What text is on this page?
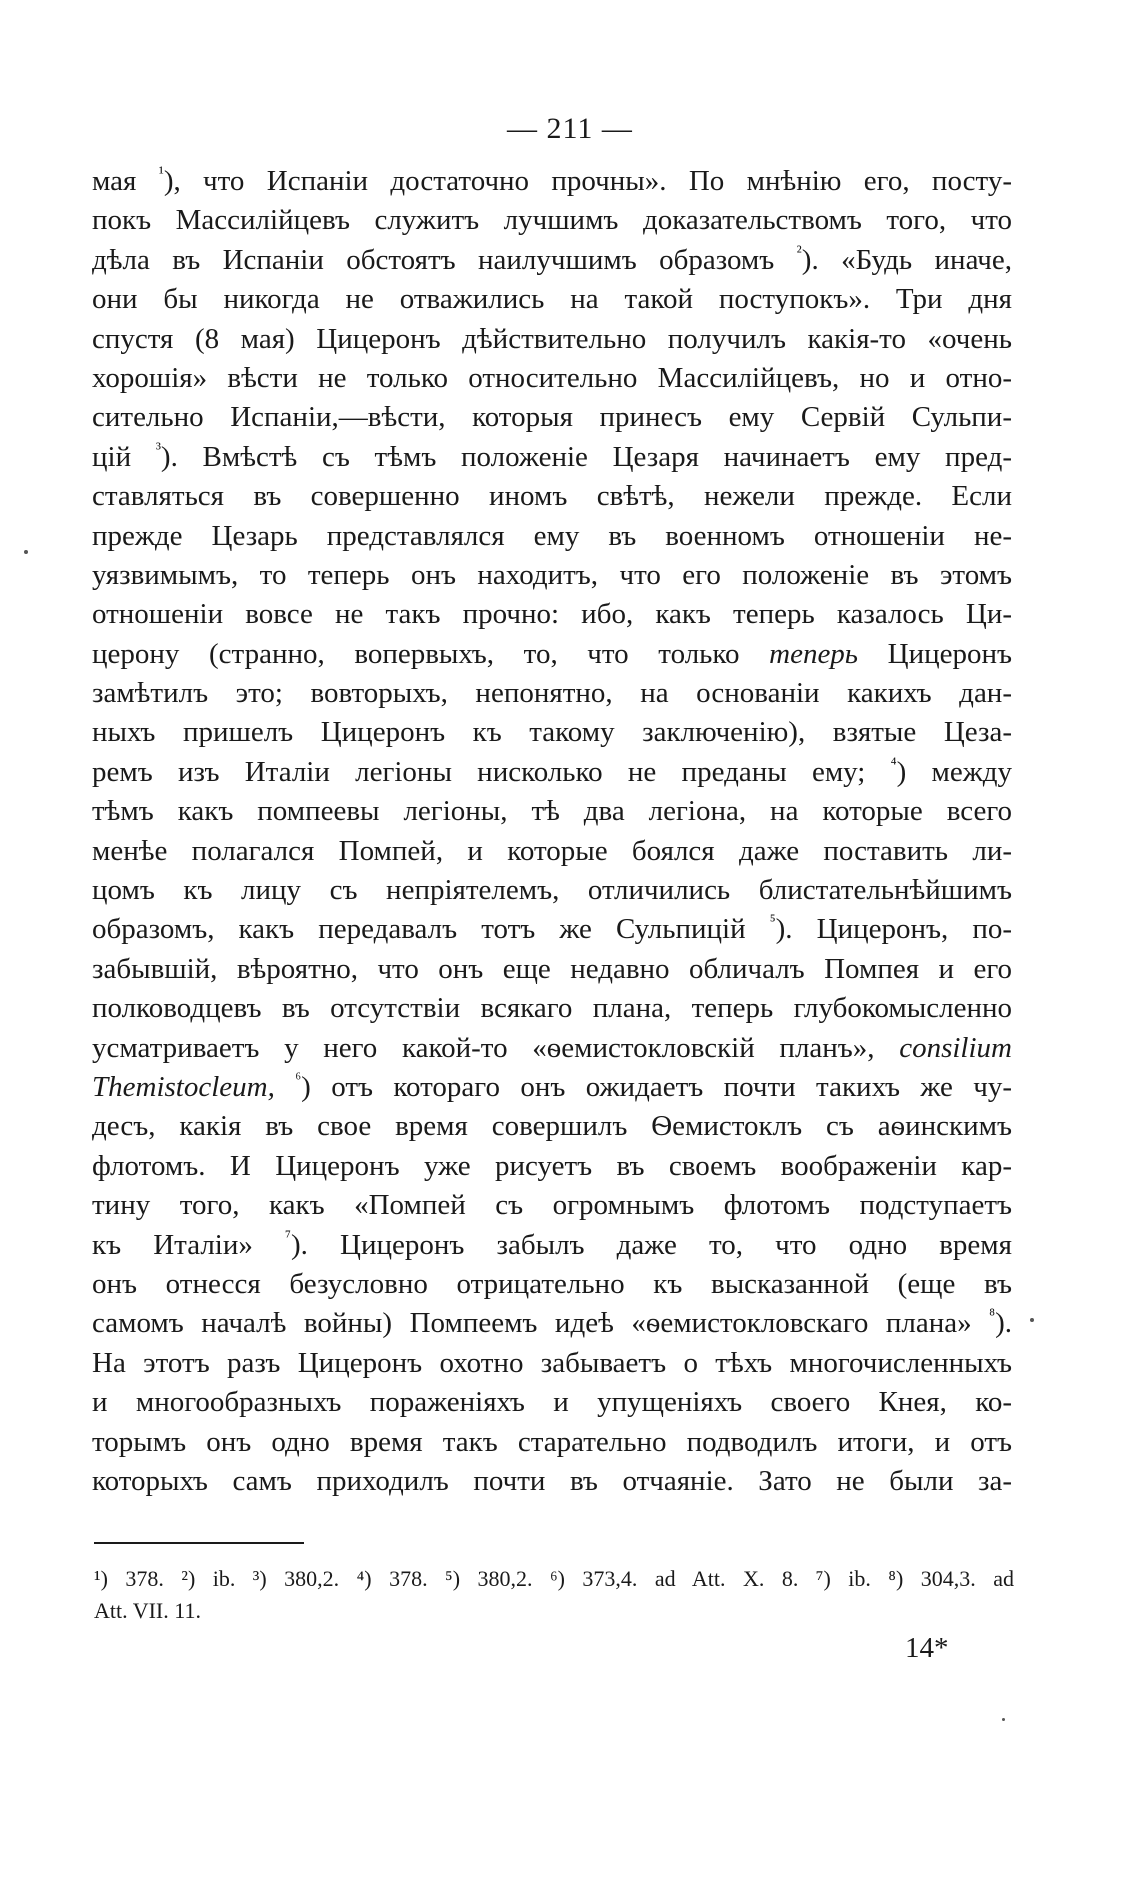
— 211 —
мая $^{^1}$), что Испаніи достаточно прочны». По мнѣнію его, посту-
покъ Массилійцевъ служитъ лучшимъ доказательствомъ того, что
дѣла въ Испаніи обстоятъ наилучшимъ образомъ $^{^2}$). «Будь иначе,
они бы никогда не отважились на такой поступокъ». Три дня
спустя (8 мая) Цицеронъ дѣйствительно получилъ какія-то «очень
хорошія» вѣсти не только относительно Массилійцевъ, но и отно-
сительно Испаніи,—вѣсти, которыя принесъ ему Сервій Сульпи-
цій $^{^3}$). Вмѣстѣ съ тѣмъ положеніе Цезаря начинаетъ ему пред-
ставляться въ совершенно иномъ свѣтѣ, нежели прежде. Если
прежде Цезарь представлялся ему въ военномъ отношеніи не-
уязвимымъ, то теперь онъ находитъ, что его положеніе въ этомъ
отношеніи вовсе не такъ прочно: ибо, какъ теперь казалось Ци-
церону (странно, вопервыхъ, то, что только теперь Цицеронъ
замѣтилъ это; вовторыхъ, непонятно, на основаніи какихъ дан-
ныхъ пришелъ Цицеронъ къ такому заключенію), взятые Цеза-
ремъ изъ Италіи легіоны нисколько не преданы ему; $^{^4}$) между
тѣмъ какъ помпеевы легіоны, тѣ два легіона, на которые всего
менѣе полагался Помпей, и которые боялся даже поставить ли-
цомъ къ лицу съ непріятелемъ, отличились блистательнѣйшимъ
образомъ, какъ передавалъ тотъ же Сульпицій $^{^5}$). Цицеронъ, по-
забывшій, вѣроятно, что онъ еще недавно обличалъ Помпея и его
полководцевъ въ отсутствіи всякаго плана, теперь глубокомысленно
усматриваетъ у него какой-то «ѳемистокловскій планъ», consilium
Themistocleum, $^{^6}$) отъ котораго онъ ожидаетъ почти такихъ же чу-
десъ, какія въ свое время совершилъ Ѳемистоклъ съ аѳинскимъ
флотомъ. И Цицеронъ уже рисуетъ въ своемъ воображеніи кар-
тину того, какъ «Помпей съ огромнымъ флотомъ подступаетъ
къ Италіи» $^{^7}$). Цицеронъ забылъ даже то, что одно время
онъ отнесся безусловно отрицательно къ высказанной (еще въ
самомъ началѣ войны) Помпеемъ идеѣ «ѳемистокловскаго плана» $^{^8}$).
На этотъ разъ Цицеронъ охотно забываетъ о тѣхъ многочисленныхъ
и многообразныхъ пораженіяхъ и упущеніяхъ своего Кнея, ко-
торымъ онъ одно время такъ старательно подводилъ итоги, и отъ
которыхъ самъ приходилъ почти въ отчаяніе. Зато не были за-
¹) 378. ²) ib. ³) 380,2. ⁴) 378. ⁵) 380,2. ⁶) 373,4. ad Att. X. 8. ⁷) ib. ⁸) 304,3. ad
Att. VII. 11.
14*
